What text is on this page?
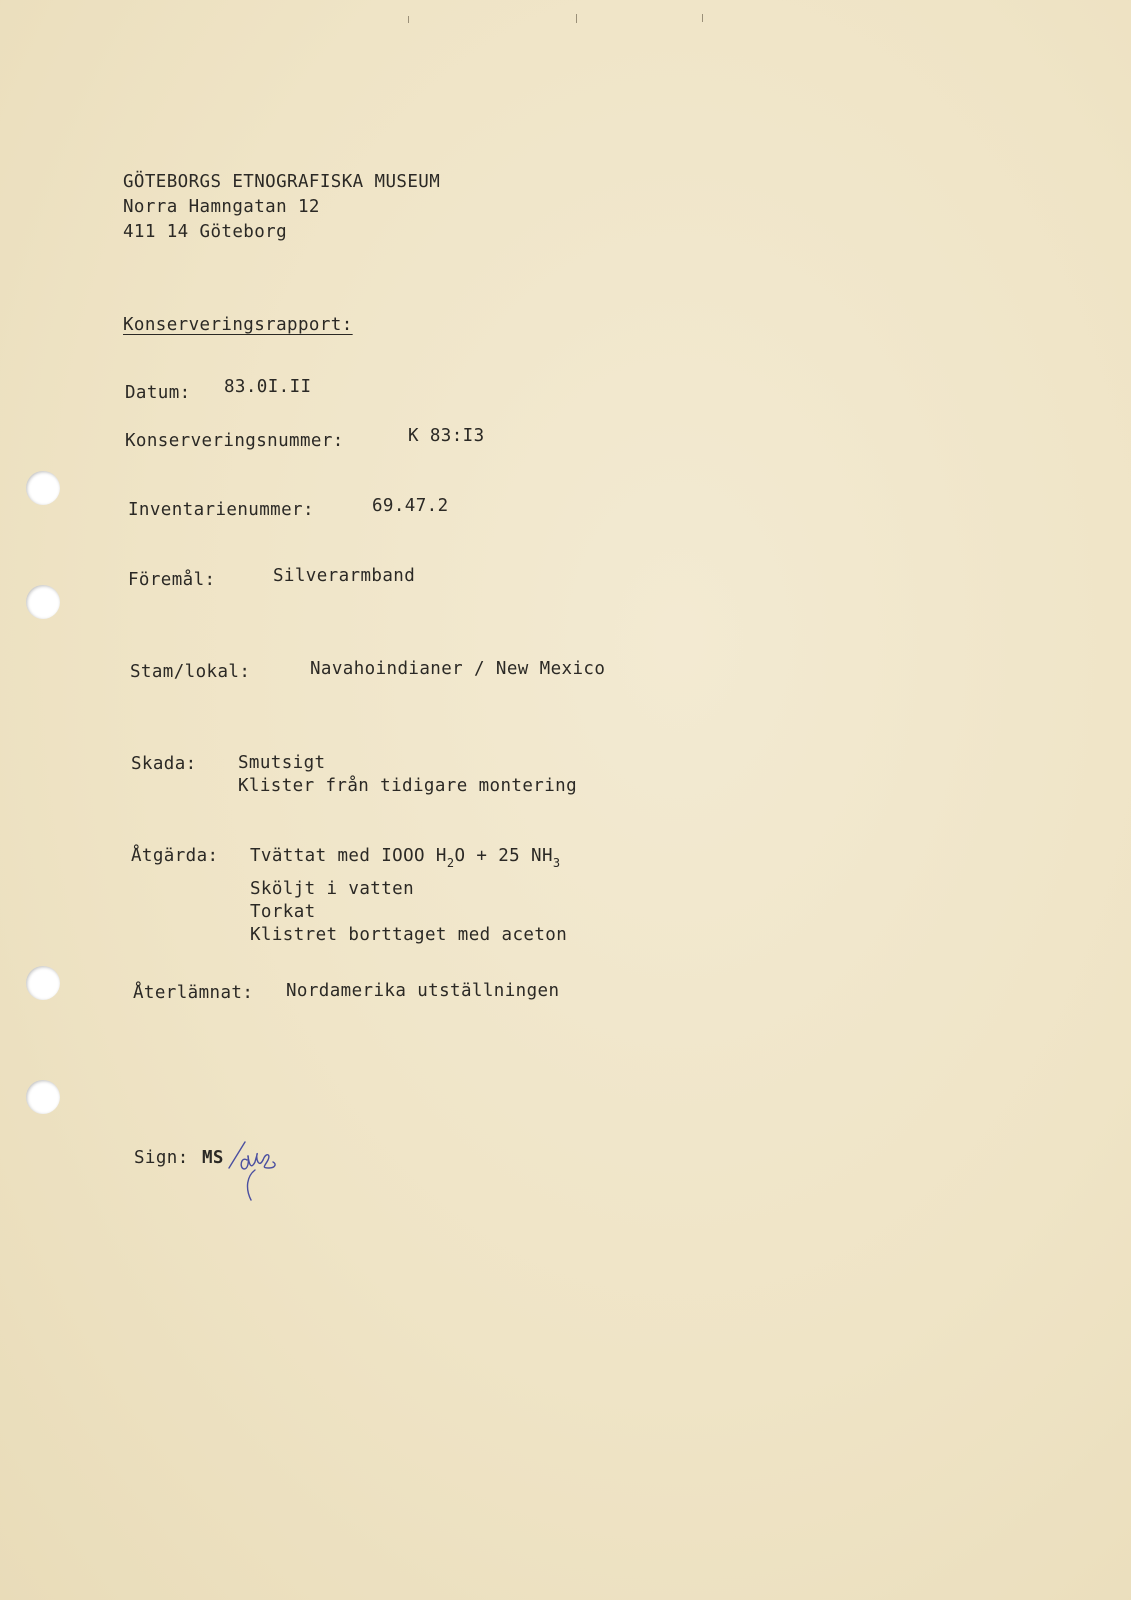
GÖTEBORGS ETNOGRAFISKA MUSEUM
Norra Hamngatan 12
411 14 Göteborg
Konserveringsrapport:
Datum: 83.0I.II
Konserveringsnummer:	K 83:I3
Inventarienummer:	69.47.2
Föremål:	Silverarmband
Stam/lokal:	Navahoindianer / New Mexico
Skada: Smutsigt
Klister från tidigare montering
Åtgärda: Tvättat med IOOO $H_2O + 25$ $NH_3$
Sköljt i vatten
Torkat
Klistret borttaget med aceton
Återlämnat: Nordamerika utställningen
Sign: MS
